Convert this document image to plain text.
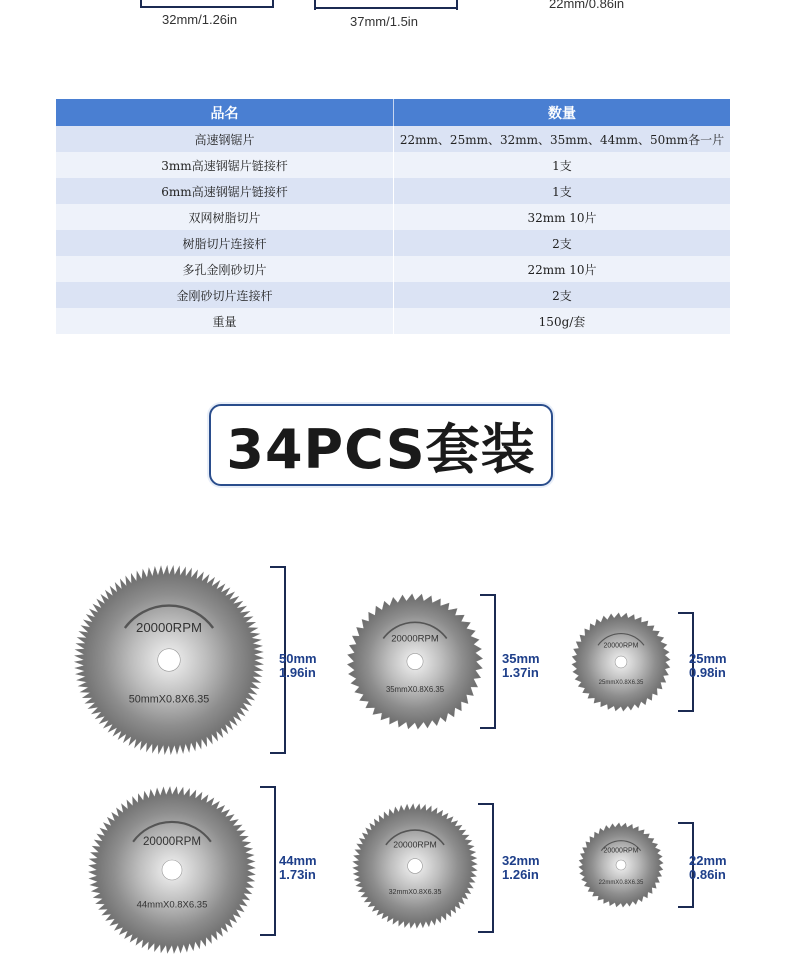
32mm/1.26in	37mm/1.5in
22mm/0.86in
品名	数量
高速钢锯片	22mm、25mm、32mm、35mm、44mm、50mm各一片
3mm高速钢锯片链接杆	1支
6mm高速钢锯片链接杆	1支
双网树脂切片	32mm 10片
树脂切片连接杆	2支
多孔金刚砂切片	22mm 10片
金刚砂切片连接杆	2支
重量	150g/套
34PCS套装
20000RPM
50mmX0.8X6.35
50mm
1.96in
20000RPM
35mmX0.8X6.35
35mm
1.37in
20000RPM
25mmX0.8X6.35
25mm
0.98in
20000RPM
44mmX0.8X6.35
44mm
1.73in
20000RPM
32mmX0.8X6.35
32mm
1.26in
20000RPM
22mmX0.8X6.35
22mm
0.86in
